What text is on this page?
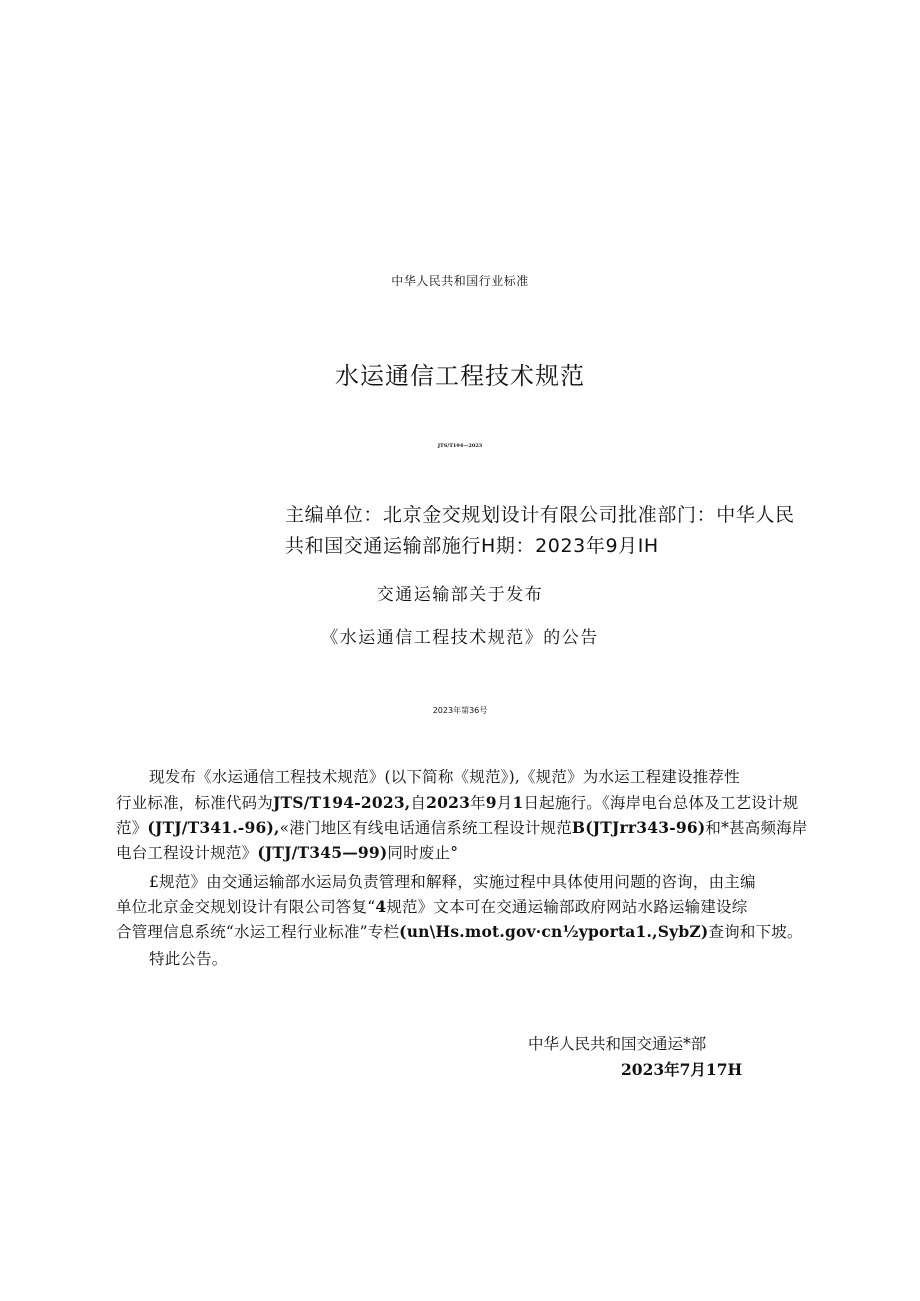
中华人民共和国行业标准

水运通信工程技术规范

JTS/T194—2023

主编单位：北京金交规划设计有限公司批准部门：中华人民

共和国交通运输部施行H期：2023年9月IH

交通运输部关于发布
《水运通信工程技术规范》的公告

2023年第36号

现发布《水运通信工程技术规范》(以下简称《规范》),《规范》为水运工程建设推荐性

行业标准，标准代码为JTS/T194-2023,自2023年9月1日起施行。《海岸电台总体及工艺设计规

范》(JTJ/T341.-96),«港门地区有线电话通信系统工程设计规范B(JTJrr343-96)和*甚高频海岸

电台工程设计规范》(JTJ/T345—99)同时废止°

£规范》由交通运输部水运局负责管理和解释，实施过程中具体使用问题的咨询，由主编

单位北京金交规划设计有限公司答复“4规范》文本可在交通运输部政府网站水路运输建设综

合管理信息系统“水运工程行业标准”专栏(un\Hs.mot.gov·cn½yporta1.,SybZ)查询和下坡。

特此公告。

中华人民共和国交通运*部

2023年7月17H
